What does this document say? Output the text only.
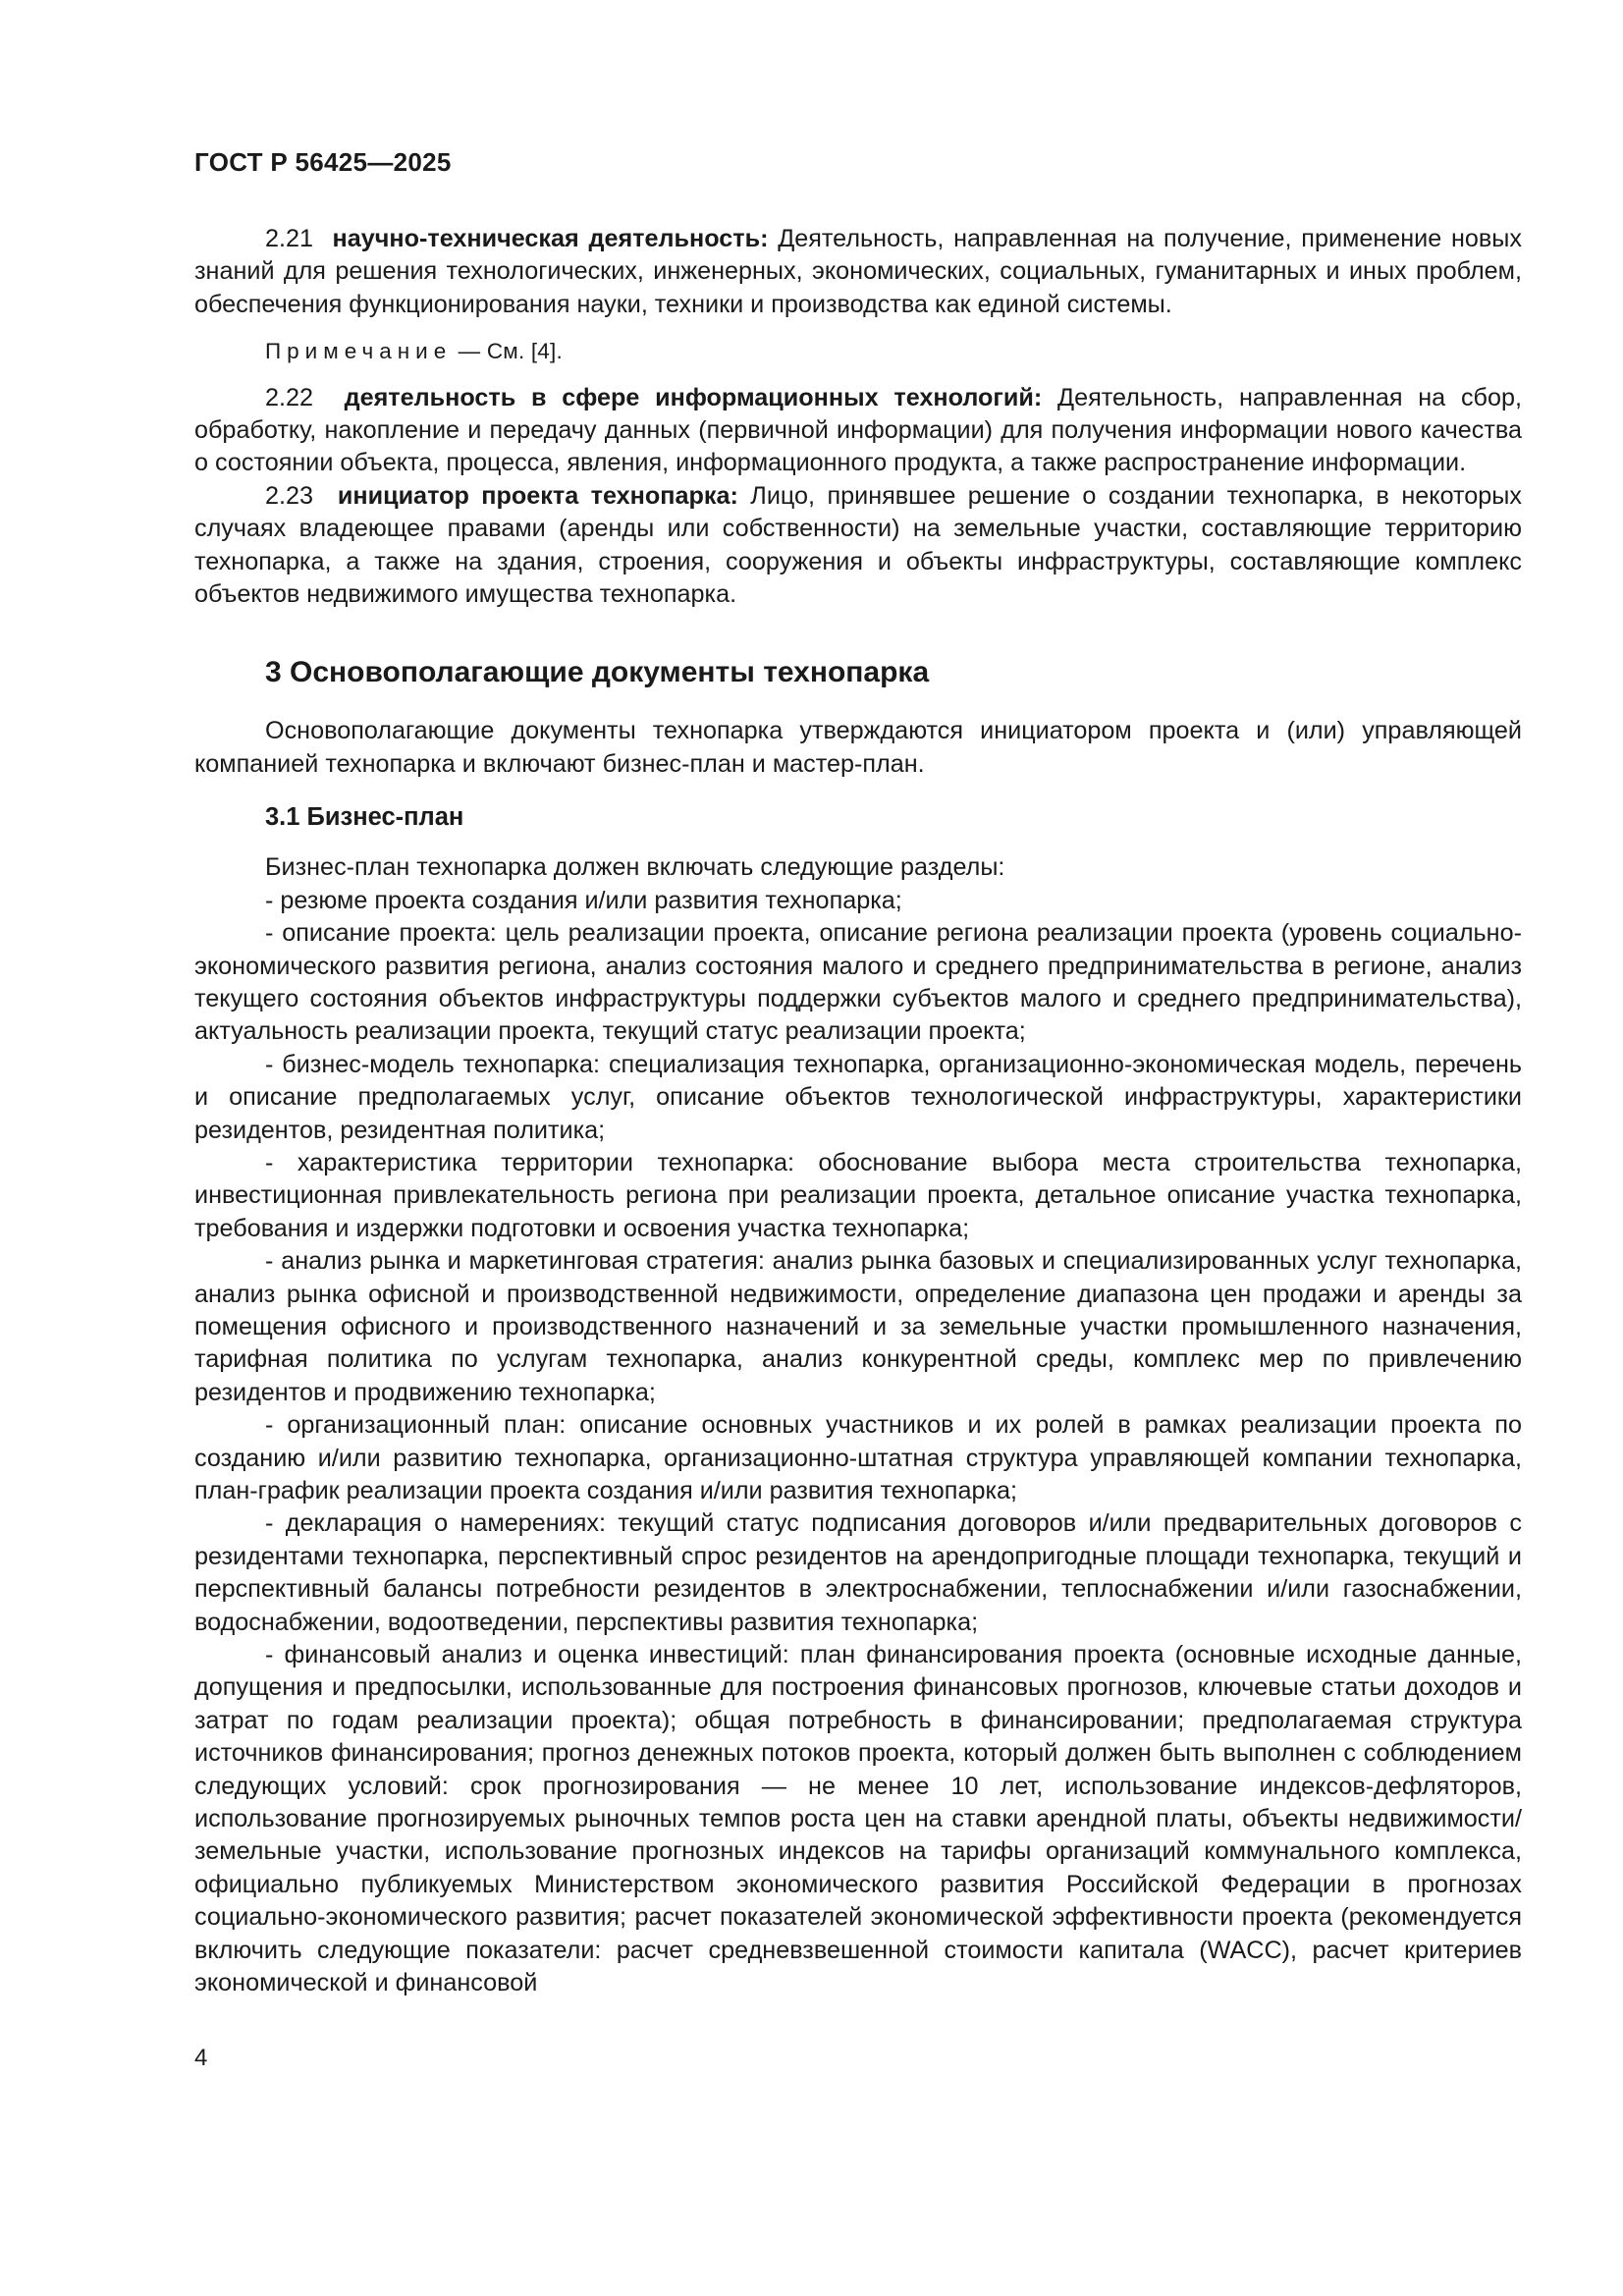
ГОСТ Р 56425—2025

2.21 научно-техническая деятельность: Деятельность, направленная на получение, применение новых знаний для решения технологических, инженерных, экономических, социальных, гуманитарных и иных проблем, обеспечения функционирования науки, техники и производства как единой системы.

Примечание — См. [4].

2.22 деятельность в сфере информационных технологий: Деятельность, направленная на сбор, обработку, накопление и передачу данных (первичной информации) для получения информации нового качества о состоянии объекта, процесса, явления, информационного продукта, а также распространение информации.

2.23 инициатор проекта технопарка: Лицо, принявшее решение о создании технопарка, в некоторых случаях владеющее правами (аренды или собственности) на земельные участки, составляющие территорию технопарка, а также на здания, строения, сооружения и объекты инфраструктуры, составляющие комплекс объектов недвижимого имущества технопарка.

3 Основополагающие документы технопарка

Основополагающие документы технопарка утверждаются инициатором проекта и (или) управляющей компанией технопарка и включают бизнес-план и мастер-план.

3.1 Бизнес-план

Бизнес-план технопарка должен включать следующие разделы:

- резюме проекта создания и/или развития технопарка;
- описание проекта: цель реализации проекта, описание региона реализации проекта (уровень социально-экономического развития региона, анализ состояния малого и среднего предпринимательства в регионе, анализ текущего состояния объектов инфраструктуры поддержки субъектов малого и среднего предпринимательства), актуальность реализации проекта, текущий статус реализации проекта;
- бизнес-модель технопарка: специализация технопарка, организационно-экономическая модель, перечень и описание предполагаемых услуг, описание объектов технологической инфраструктуры, характеристики резидентов, резидентная политика;
- характеристика территории технопарка: обоснование выбора места строительства технопарка, инвестиционная привлекательность региона при реализации проекта, детальное описание участка технопарка, требования и издержки подготовки и освоения участка технопарка;
- анализ рынка и маркетинговая стратегия: анализ рынка базовых и специализированных услуг технопарка, анализ рынка офисной и производственной недвижимости, определение диапазона цен продажи и аренды за помещения офисного и производственного назначений и за земельные участки промышленного назначения, тарифная политика по услугам технопарка, анализ конкурентной среды, комплекс мер по привлечению резидентов и продвижению технопарка;
- организационный план: описание основных участников и их ролей в рамках реализации проекта по созданию и/или развитию технопарка, организационно-штатная структура управляющей компании технопарка, план-график реализации проекта создания и/или развития технопарка;
- декларация о намерениях: текущий статус подписания договоров и/или предварительных договоров с резидентами технопарка, перспективный спрос резидентов на арендопригодные площади технопарка, текущий и перспективный балансы потребности резидентов в электроснабжении, теплоснабжении и/или газоснабжении, водоснабжении, водоотведении, перспективы развития технопарка;
- финансовый анализ и оценка инвестиций: план финансирования проекта (основные исходные данные, допущения и предпосылки, использованные для построения финансовых прогнозов, ключевые статьи доходов и затрат по годам реализации проекта); общая потребность в финансировании; предполагаемая структура источников финансирования; прогноз денежных потоков проекта, который должен быть выполнен с соблюдением следующих условий: срок прогнозирования — не менее 10 лет, использование индексов-дефляторов, использование прогнозируемых рыночных темпов роста цен на ставки арендной платы, объекты недвижимости/земельные участки, использование прогнозных индексов на тарифы организаций коммунального комплекса, официально публикуемых Министерством экономического развития Российской Федерации в прогнозах социально-экономического развития; расчет показателей экономической эффективности проекта (рекомендуется включить следующие показатели: расчет средневзвешенной стоимости капитала (WACC), расчет критериев экономической и финансовой
4
